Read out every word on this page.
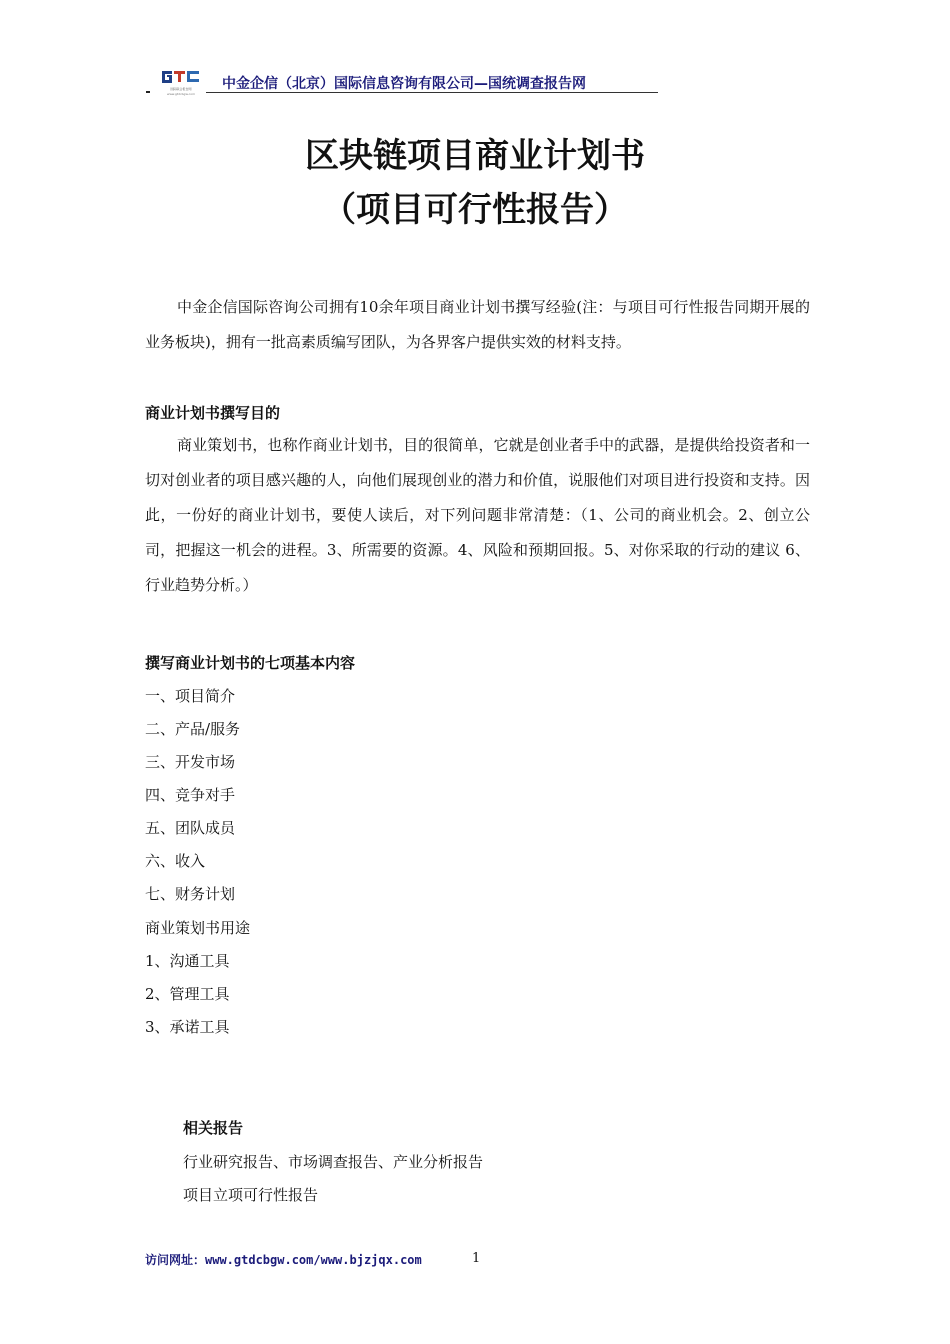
国际联合报告网
www.gtdcbgw.com
中金企信（北京）国际信息咨询有限公司—国统调查报告网
区块链项目商业计划书
（项目可行性报告）
中金企信国际咨询公司拥有10余年项目商业计划书撰写经验(注：与项目可行性报告同期开展的业务板块)，拥有一批高素质编写团队，为各界客户提供实效的材料支持。
商业计划书撰写目的
商业策划书，也称作商业计划书，目的很简单，它就是创业者手中的武器，是提供给投资者和一切对创业者的项目感兴趣的人，向他们展现创业的潜力和价值，说服他们对项目进行投资和支持。因此，一份好的商业计划书，要使人读后，对下列问题非常清楚：（1、公司的商业机会。2、创立公司，把握这一机会的进程。3、所需要的资源。4、风险和预期回报。5、对你采取的行动的建议 6、行业趋势分析。）
撰写商业计划书的七项基本内容
一、项目简介
二、产品/服务
三、开发市场
四、竞争对手
五、团队成员
六、收入
七、财务计划
商业策划书用途
1、沟通工具
2、管理工具
3、承诺工具
相关报告
行业研究报告、市场调查报告、产业分析报告
项目立项可行性报告
访问网址：www.gtdcbgw.com/www.bjzjqx.com	1
